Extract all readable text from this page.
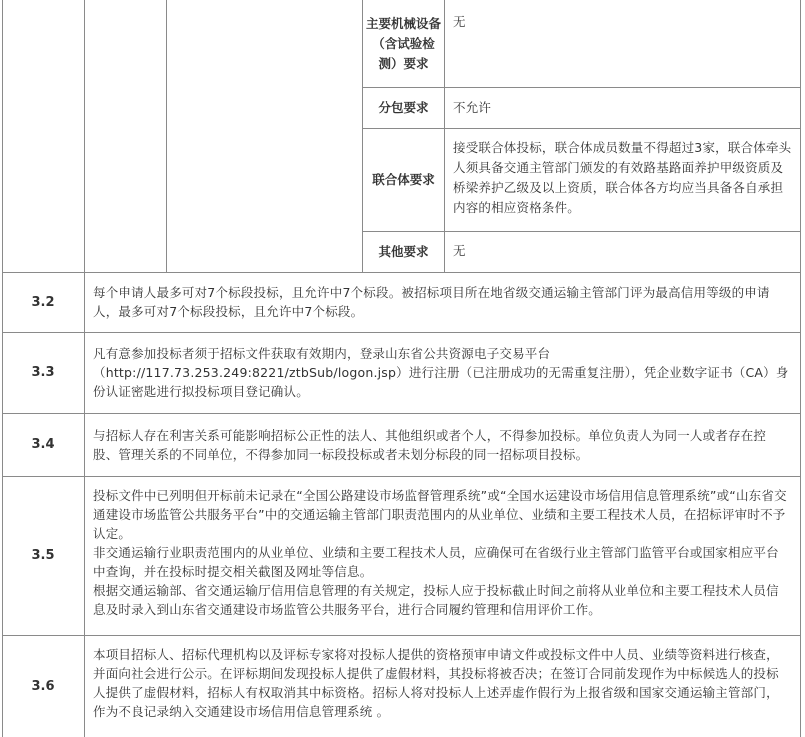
主要机械设备（含试验检测）要求
无
分包要求 不允许
联合体要求
接受联合体投标，联合体成员数量不得超过3家，联合体牵头人须具备交通主管部门颁发的有效路基路面养护甲级资质及桥梁养护乙级及以上资质，联合体各方均应当具备各自承担内容的相应资格条件。
其他要求 无
3.2

每个申请人最多可对7个标段投标，且允许中7个标段。被招标项目所在地省级交通运输主管部门评为最高信用等级的申请人，最多可对7个标段投标，且允许中7个标段。

3.3

凡有意参加投标者须于招标文件获取有效期内，登录山东省公共资源电子交易平台（http://117.73.253.249:8221/ztbSub/logon.jsp）进行注册（已注册成功的无需重复注册），凭企业数字证书（CA）身份认证密匙进行拟投标项目登记确认。

3.4

与招标人存在利害关系可能影响招标公正性的法人、其他组织或者个人，不得参加投标。单位负责人为同一人或者存在控股、管理关系的不同单位，不得参加同一标段投标或者未划分标段的同一招标项目投标。

3.5

投标文件中已列明但开标前未记录在“全国公路建设市场监督管理系统”或“全国水运建设市场信用信息管理系统”或“山东省交通建设市场监管公共服务平台”中的交通运输主管部门职责范围内的从业单位、业绩和主要工程技术人员，在招标评审时不予认定。

非交通运输行业职责范围内的从业单位、业绩和主要工程技术人员，应确保可在省级行业主管部门监管平台或国家相应平台中查询，并在投标时提交相关截图及网址等信息。

根据交通运输部、省交通运输厅信用信息管理的有关规定，投标人应于投标截止时间之前将从业单位和主要工程技术人员信息及时录入到山东省交通建设市场监管公共服务平台，进行合同履约管理和信用评价工作。

3.6

本项目招标人、招标代理机构以及评标专家将对投标人提供的资格预审申请文件或投标文件中人员、业绩等资料进行核查，并面向社会进行公示。在评标期间发现投标人提供了虚假材料，其投标将被否决；在签订合同前发现作为中标候选人的投标人提供了虚假材料，招标人有权取消其中标资格。招标人将对投标人上述弄虚作假行为上报省级和国家交通运输主管部门，作为不良记录纳入交通建设市场信用信息管理系统 。
